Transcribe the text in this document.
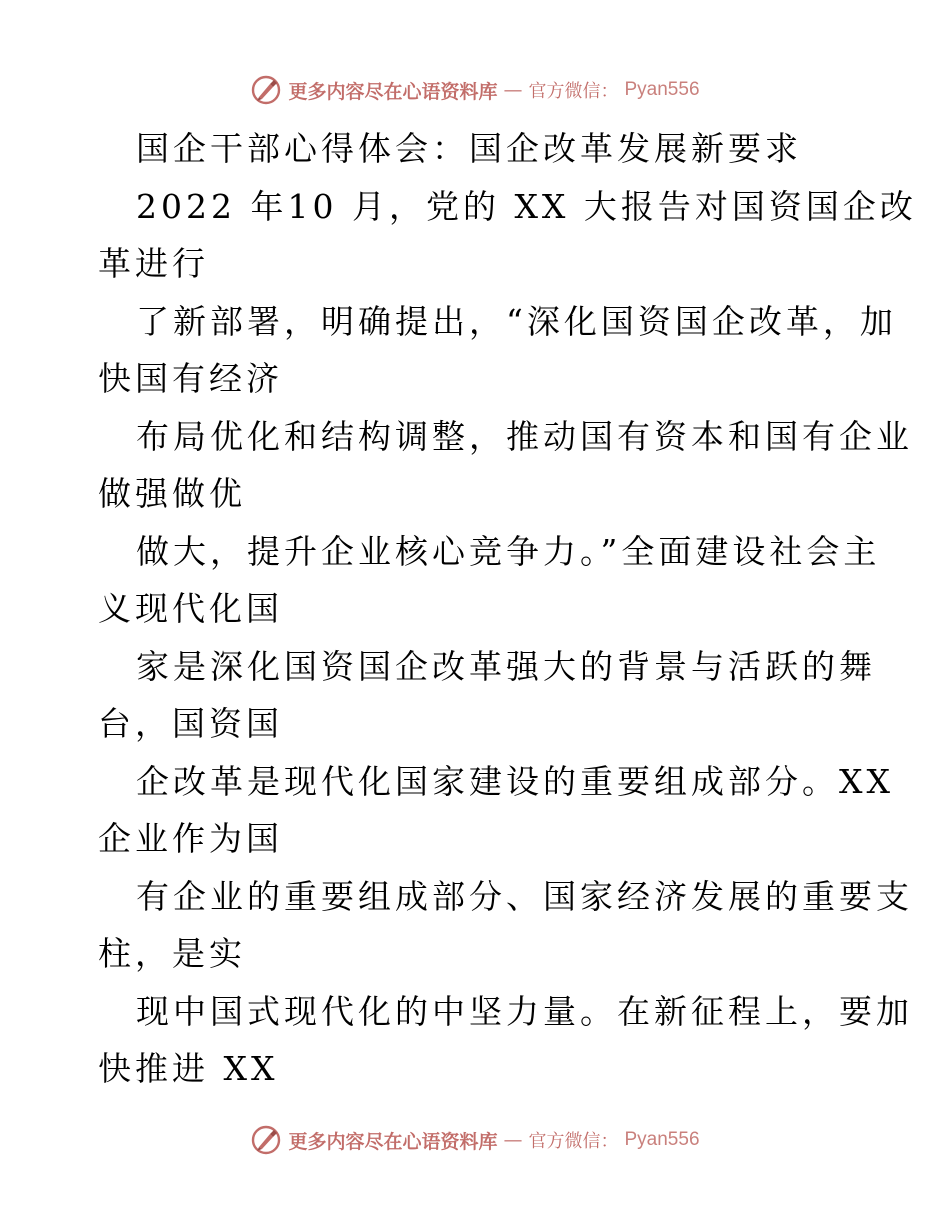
更多内容尽在心语资料库 — 官方微信： Pyan556
国企干部心得体会：国企改革发展新要求
2022 年10 月，党的 XX 大报告对国资国企改
革进行
了新部署，明确提出，“深化国资国企改革，加
快国有经济
布局优化和结构调整，推动国有资本和国有企业
做强做优
做大，提升企业核心竞争力。”全面建设社会主
义现代化国
家是深化国资国企改革强大的背景与活跃的舞
台，国资国
企改革是现代化国家建设的重要组成部分。XX
企业作为国
有企业的重要组成部分、国家经济发展的重要支
柱，是实
现中国式现代化的中坚力量。在新征程上，要加
快推进 XX
更多内容尽在心语资料库 — 官方微信： Pyan556
